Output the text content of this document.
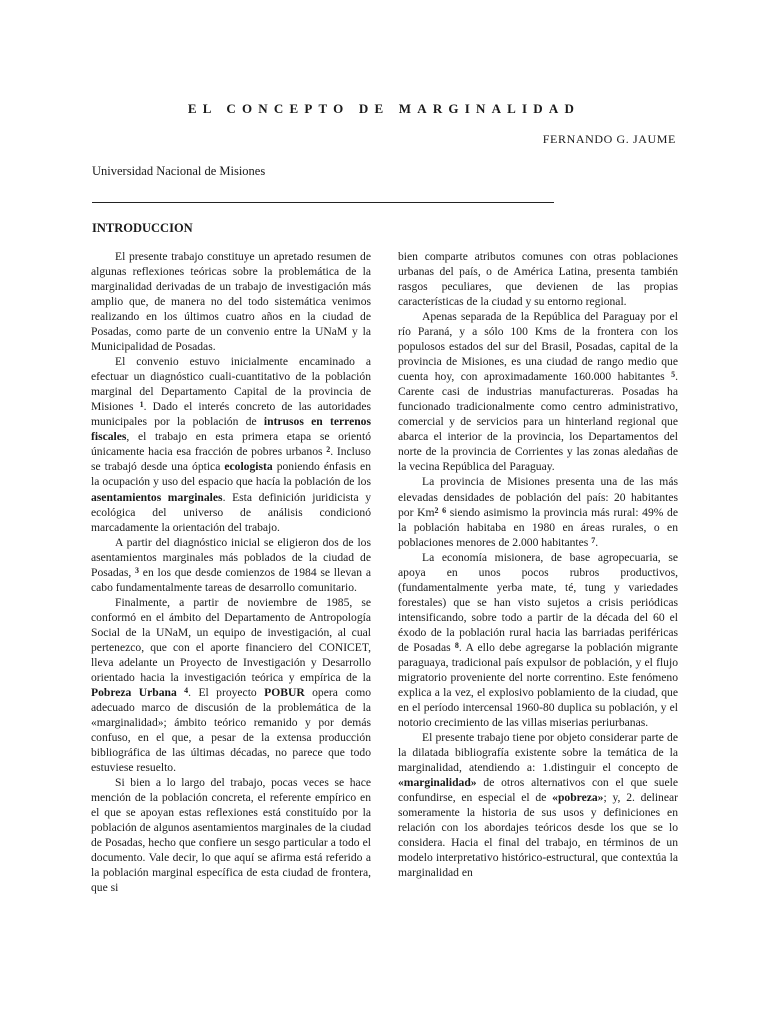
EL CONCEPTO DE MARGINALIDAD
FERNANDO G. JAUME
Universidad Nacional de Misiones
INTRODUCCION

El presente trabajo constituye un apretado resumen de algunas reflexiones teóricas sobre la problemática de la marginalidad derivadas de un trabajo de investigación más amplio que, de manera no del todo sistemática venimos realizando en los últimos cuatro años en la ciudad de Posadas, como parte de un convenio entre la UNaM y la Municipalidad de Posadas.

El convenio estuvo inicialmente encaminado a efectuar un diagnóstico cuali-cuantitativo de la población marginal del Departamento Capital de la provincia de Misiones $^1$. Dado el interés concreto de las autoridades municipales por la población de intrusos en terrenos fiscales, el trabajo en esta primera etapa se orientó únicamente hacia esa fracción de pobres urbanos $^2$. Incluso se trabajó desde una óptica ecologista poniendo énfasis en la ocupación y uso del espacio que hacía la población de los asentamientos marginales. Esta definición juridicista y ecológica del universo de análisis condicionó marcadamente la orientación del trabajo.

A partir del diagnóstico inicial se eligieron dos de los asentamientos marginales más poblados de la ciudad de Posadas, $^3$ en los que desde comienzos de 1984 se llevan a cabo fundamentalmente tareas de desarrollo comunitario.

Finalmente, a partir de noviembre de 1985, se conformó en el ámbito del Departamento de Antropología Social de la UNaM, un equipo de investigación, al cual pertenezco, que con el aporte financiero del CONICET, lleva adelante un Proyecto de Investigación y Desarrollo orientado hacia la investigación teórica y empírica de la Pobreza Urbana $^4$. El proyecto POBUR opera como adecuado marco de discusión de la problemática de la «marginalidad»; ámbito teórico remanido y por demás confuso, en el que, a pesar de la extensa producción bibliográfica de las últimas décadas, no parece que todo estuviese resuelto.

Si bien a lo largo del trabajo, pocas veces se hace mención de la población concreta, el referente empírico en el que se apoyan estas reflexiones está constituído por la población de algunos asentamientos marginales de la ciudad de Posadas, hecho que confiere un sesgo particular a todo el documento. Vale decir, lo que aquí se afirma está referido a la población marginal específica de esta ciudad de frontera, que si

bien comparte atributos comunes con otras poblaciones urbanas del país, o de América Latina, presenta también rasgos peculiares, que devienen de las propias características de la ciudad y su entorno regional.

Apenas separada de la República del Paraguay por el río Paraná, y a sólo 100 Kms de la frontera con los populosos estados del sur del Brasil, Posadas, capital de la provincia de Misiones, es una ciudad de rango medio que cuenta hoy, con aproximadamente 160.000 habitantes $^5$. Carente casi de industrias manufactureras. Posadas ha funcionado tradicionalmente como centro administrativo, comercial y de servicios para un hinterland regional que abarca el interior de la provincia, los Departamentos del norte de la provincia de Corrientes y las zonas aledañas de la vecina República del Paraguay.

La provincia de Misiones presenta una de las más elevadas densidades de población del país: 20 habitantes por Km$^2$ $^6$ siendo asimismo la provincia más rural: 49% de la población habitaba en 1980 en áreas rurales, o en poblaciones menores de 2.000 habitantes $^7$.

La economía misionera, de base agropecuaria, se apoya en unos pocos rubros productivos, (fundamentalmente yerba mate, té, tung y variedades forestales) que se han visto sujetos a crisis periódicas intensificando, sobre todo a partir de la década del 60 el éxodo de la población rural hacia las barriadas periféricas de Posadas $^8$. A ello debe agregarse la población migrante paraguaya, tradicional país expulsor de población, y el flujo migratorio proveniente del norte correntino. Este fenómeno explica a la vez, el explosivo poblamiento de la ciudad, que en el período intercensal 1960-80 duplica su población, y el notorio crecimiento de las villas miserias periurbanas.

El presente trabajo tiene por objeto considerar parte de la dilatada bibliografía existente sobre la temática de la marginalidad, atendiendo a: 1.distinguir el concepto de «marginalidad» de otros alternativos con el que suele confundirse, en especial el de «pobreza»; y, 2. delinear someramente la historia de sus usos y definiciones en relación con los abordajes teóricos desde los que se lo considera. Hacia el final del trabajo, en términos de un modelo interpretativo histórico-estructural, que contextúa la marginalidad en
